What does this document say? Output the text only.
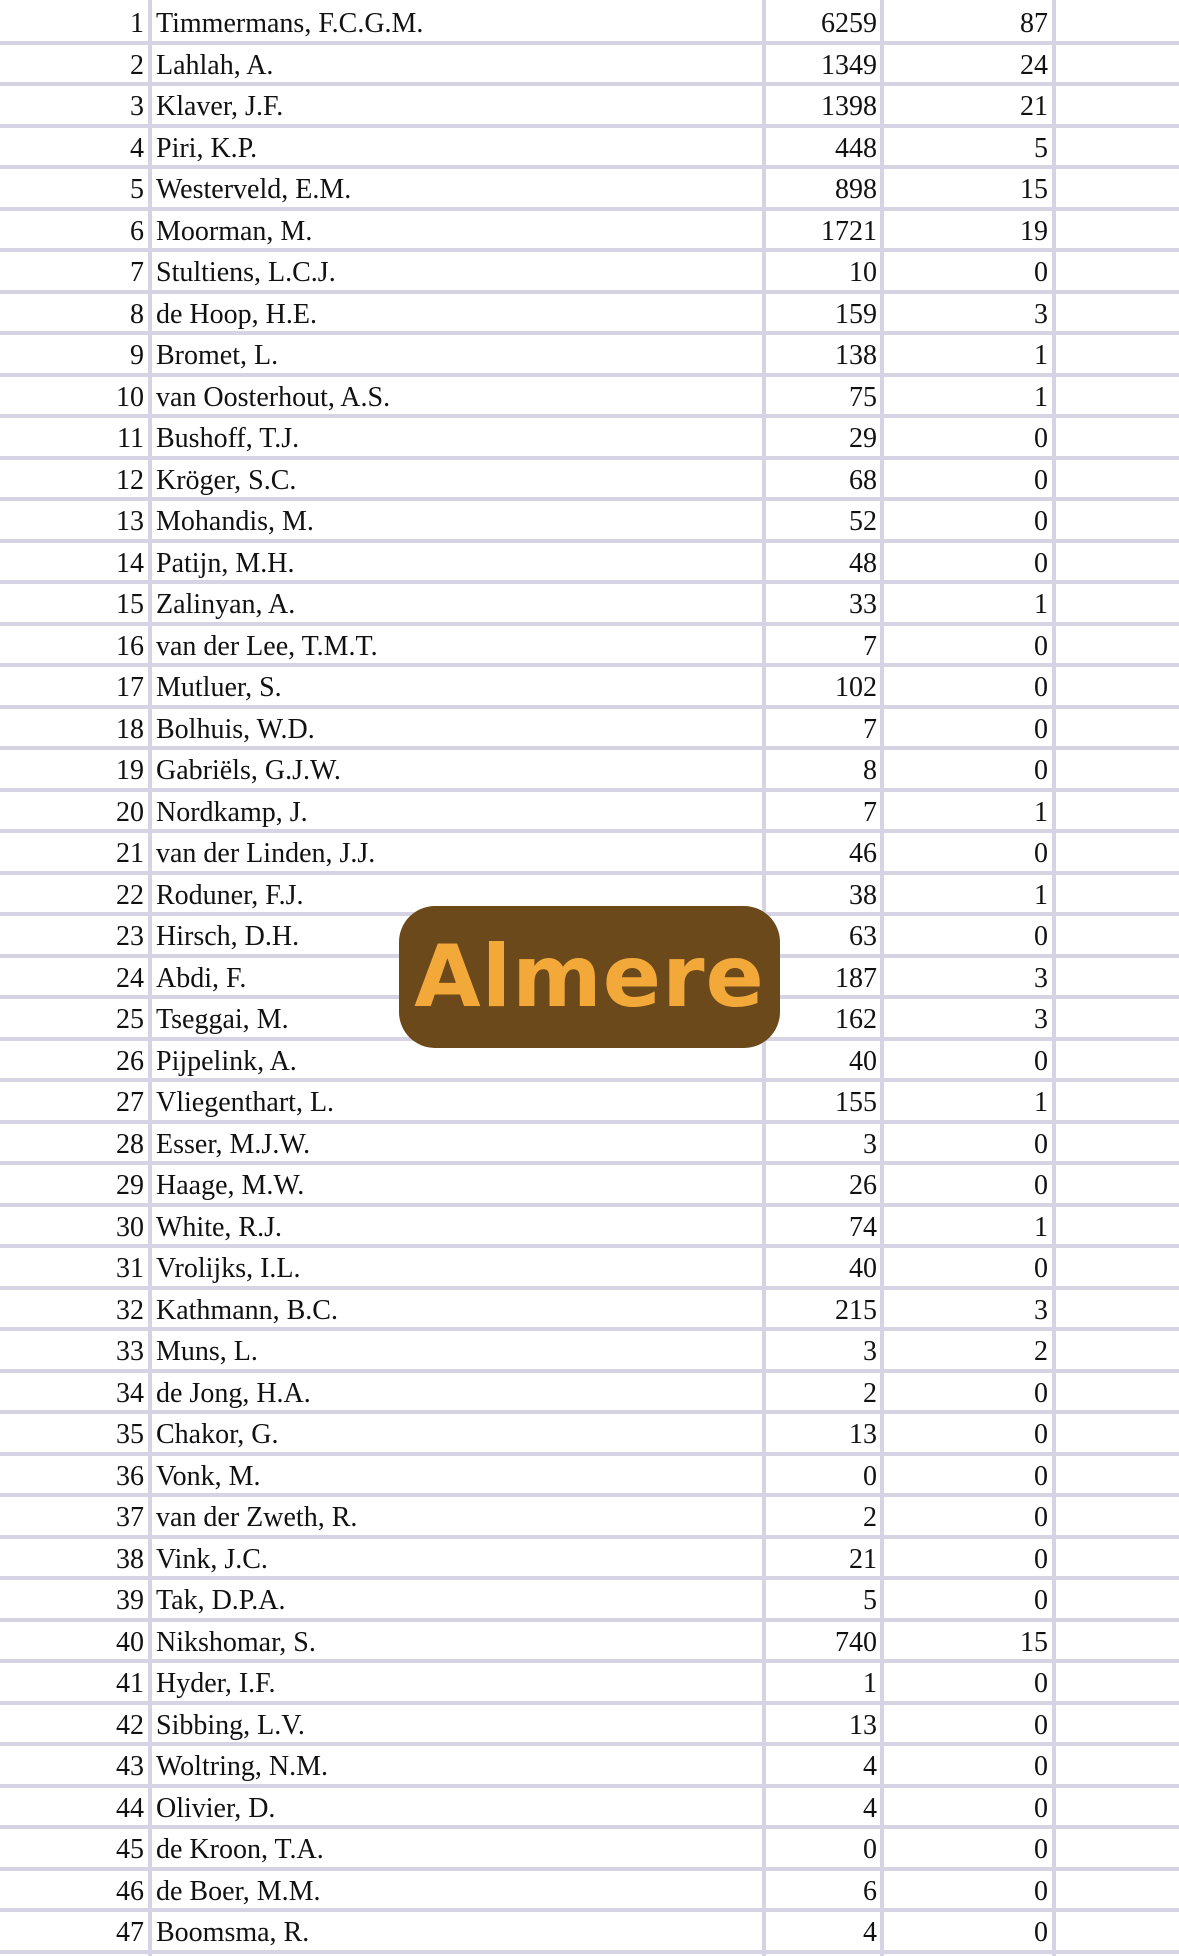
1 Timmermans, F.C.G.M.	6259	87
2 Lahlah, A.	1349	24
3 Klaver, J.F.	1398	21
4 Piri, K.P.	448	5
5 Westerveld, E.M.	898	15
6 Moorman, M.	1721	19
7 Stultiens, L.C.J.	10	0
8 de Hoop, H.E.	159	3
9 Bromet, L.	138	1
10 van Oosterhout, A.S.	75	1
11 Bushoff, T.J.	29	0
12 Kröger, S.C.	68	0
13 Mohandis, M.	52	0
14 Patijn, M.H.	48	0
15 Zalinyan, A.	33	1
16 van der Lee, T.M.T.	7	0
17 Mutluer, S.	102	0
18 Bolhuis, W.D.	7	0
19 Gabriëls, G.J.W.	8	0
20 Nordkamp, J.	7	1
21 van der Linden, J.J.	46	0
22 Roduner, F.J.	38	1
23 Hirsch, D.H.	63	0
24 Abdi, F.	187	3
25 Tseggai, M.	162	3
26 Pijpelink, A.	40	0
27 Vliegenthart, L.	155	1
28 Esser, M.J.W.	3	0
29 Haage, M.W.	26	0
30 White, R.J.	74	1
31 Vrolijks, I.L.	40	0
32 Kathmann, B.C.	215	3
33 Muns, L.	3	2
34 de Jong, H.A.	2	0
35 Chakor, G.	13	0
36 Vonk, M.	0	0
37 van der Zweth, R.	2	0
38 Vink, J.C.	21	0
39 Tak, D.P.A.	5	0
40 Nikshomar, S.	740	15
41 Hyder, I.F.	1	0
42 Sibbing, L.V.	13	0
43 Woltring, N.M.	4	0
44 Olivier, D.	4	0
45 de Kroon, T.A.	0	0
46 de Boer, M.M.	6	0
47 Boomsma, R.	4	0
Almere
